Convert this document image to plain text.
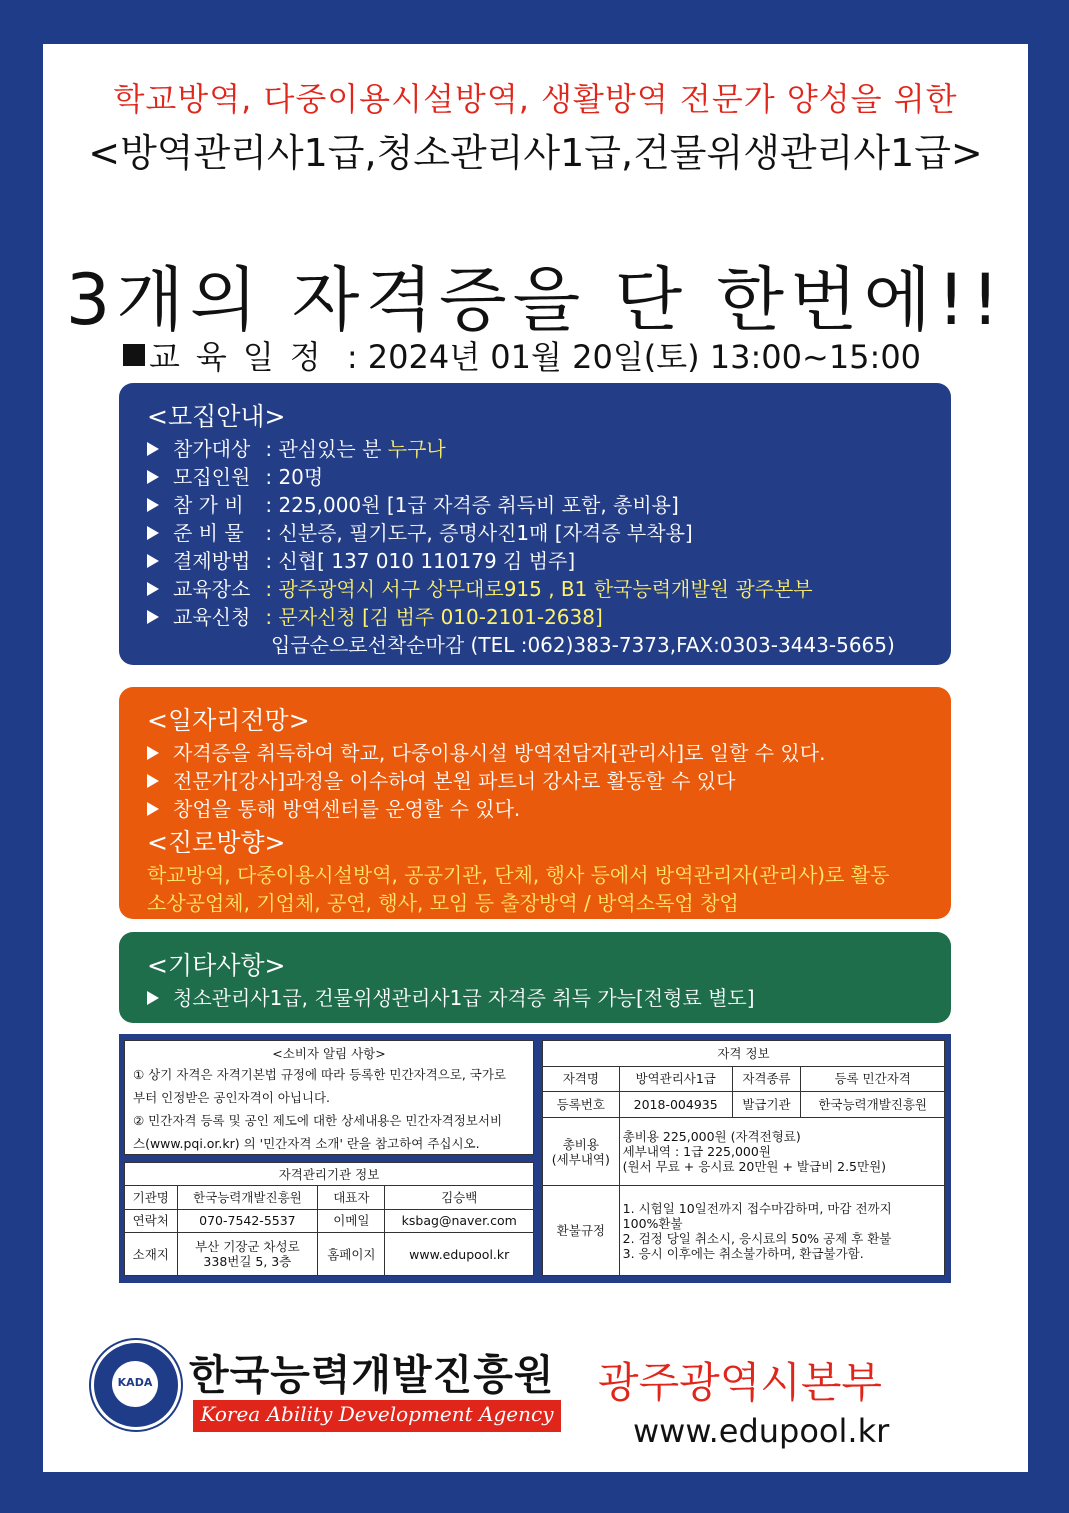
학교방역, 다중이용시설방역, 생활방역 전문가 양성을 위한
<방역관리사1급,청소관리사1급,건물위생관리사1급>
3개의 자격증을 단 한번에!!
교육일정 : 2024년 01월 20일(토) 13:00~15:00
<모집안내>
참가대상 : 관심있는 분 누구나
모집인원 : 20명
참 가 비 : 225,000원 [1급 자격증 취득비 포함, 총비용]
준 비 물 : 신분증, 필기도구, 증명사진1매 [자격증 부착용]
결제방법 : 신협[ 137 010 110179 김 범주]
교육장소 : 광주광역시 서구 상무대로915 , B1 한국능력개발원 광주본부
교육신청 : 문자신청 [김 범주 010-2101-2638]
입금순으로선착순마감 (TEL :062)383-7373,FAX:0303-3443-5665)
<일자리전망>
자격증을 취득하여 학교, 다중이용시설 방역전담자[관리사]로 일할 수 있다.
전문가[강사]과정을 이수하여 본원 파트너 강사로 활동할 수 있다
창업을 통해 방역센터를 운영할 수 있다.
<진로방향>
학교방역, 다중이용시설방역, 공공기관, 단체, 행사 등에서 방역관리자(관리사)로 활동
소상공업체, 기업체, 공연, 행사, 모임 등 출장방역 / 방역소독업 창업
<기타사항>
청소관리사1급, 건물위생관리사1급 자격증 취득 가능[전형료 별도]
<소비자 알림 사항>
① 상기 자격은 자격기본법 규정에 따라 등록한 민간자격으로, 국가로
부터 인정받은 공인자격이 아닙니다.
② 민간자격 등록 및 공인 제도에 대한 상세내용은 민간자격정보서비
스(www.pqi.or.kr) 의 '민간자격 소개' 란을 참고하여 주십시오.
자격관리기관 정보			
기관명	한국능력개발진흥원	대표자	김승백
연락처	070-7542-5537	이메일	ksbag@naver.com
소재지	부산 기장군 차성로
338번길 5, 3층	홈페이지	www.edupool.kr
자격 정보			
자격명	방역관리사1급	자격종류	등록 민간자격
등록번호	2018-004935	발급기관	한국능력개발진흥원
총비용
(세부내역)	총비용 225,000원 (자격전형료)
세부내역 : 1급 225,000원
(원서 무료 + 응시료 20만원 + 발급비 2.5만원)		
환불규정	1. 시험일 10일전까지 접수마감하며, 마감 전까지
100%환불
2. 검정 당일 취소시, 응시료의 50% 공제 후 환불
3. 응시 이후에는 취소불가하며, 환급불가함.		
KADA 한국능력개발진흥원
Korea Ability Development Agency
광주광역시본부
www.edupool.kr
